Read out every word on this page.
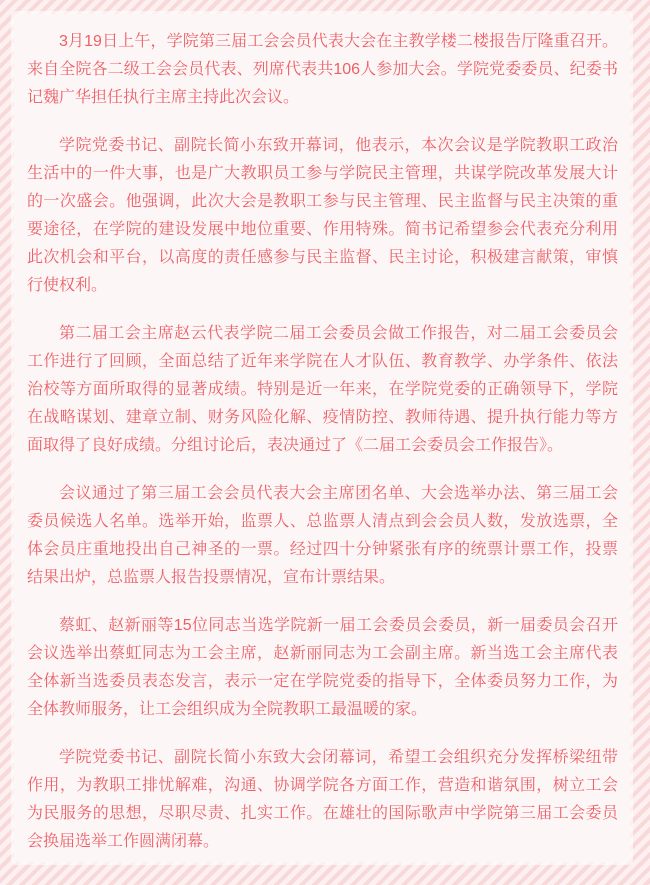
3月19日上午，学院第三届工会会员代表大会在主教学楼二楼报告厅隆重召开。来自全院各二级工会会员代表、列席代表共106人参加大会。学院党委委员、纪委书记魏广华担任执行主席主持此次会议。

学院党委书记、副院长简小东致开幕词，他表示，本次会议是学院教职工政治生活中的一件大事，也是广大教职员工参与学院民主管理，共谋学院改革发展大计的一次盛会。他强调，此次大会是教职工参与民主管理、民主监督与民主决策的重要途径，在学院的建设发展中地位重要、作用特殊。简书记希望参会代表充分利用此次机会和平台，以高度的责任感参与民主监督、民主讨论，积极建言献策，审慎行使权利。

第二届工会主席赵云代表学院二届工会委员会做工作报告，对二届工会委员会工作进行了回顾，全面总结了近年来学院在人才队伍、教育教学、办学条件、依法治校等方面所取得的显著成绩。特别是近一年来，在学院党委的正确领导下，学院在战略谋划、建章立制、财务风险化解、疫情防控、教师待遇、提升执行能力等方面取得了良好成绩。分组讨论后，表决通过了《二届工会委员会工作报告》。

会议通过了第三届工会会员代表大会主席团名单、大会选举办法、第三届工会委员候选人名单。选举开始，监票人、总监票人清点到会会员人数，发放选票，全体会员庄重地投出自己神圣的一票。经过四十分钟紧张有序的统票计票工作，投票结果出炉，总监票人报告投票情况，宣布计票结果。

蔡虹、赵新丽等15位同志当选学院新一届工会委员会委员，新一届委员会召开会议选举出蔡虹同志为工会主席，赵新丽同志为工会副主席。新当选工会主席代表全体新当选委员表态发言，表示一定在学院党委的指导下，全体委员努力工作，为全体教师服务，让工会组织成为全院教职工最温暖的家。

学院党委书记、副院长简小东致大会闭幕词，希望工会组织充分发挥桥梁纽带作用，为教职工排忧解难，沟通、协调学院各方面工作，营造和谐氛围，树立工会为民服务的思想，尽职尽责、扎实工作。在雄壮的国际歌声中学院第三届工会委员会换届选举工作圆满闭幕。
